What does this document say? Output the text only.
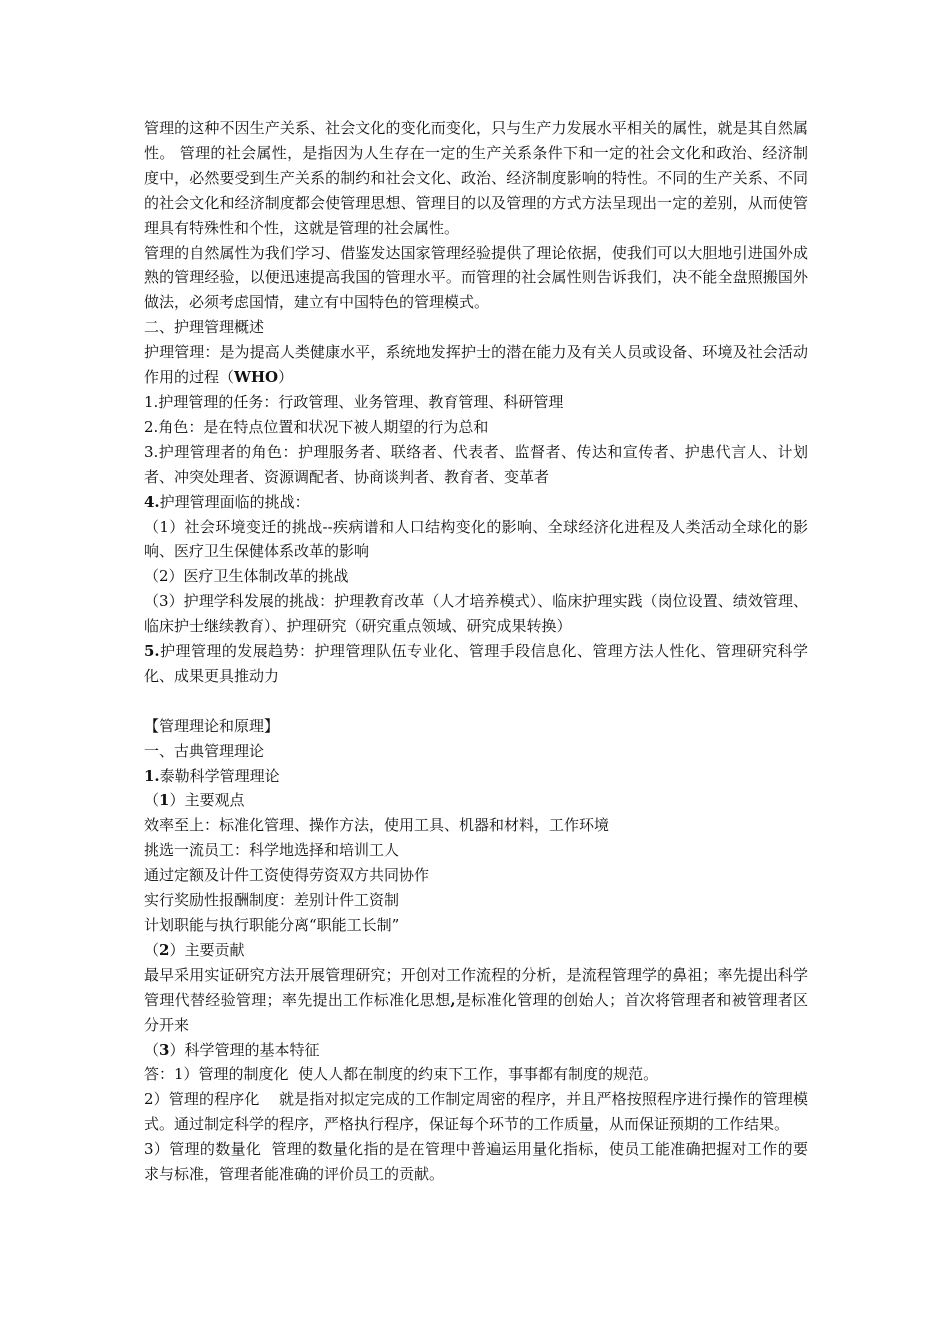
管理的这种不因生产关系、社会文化的变化而变化，只与生产力发展水平相关的属性，就是其自然属性。 管理的社会属性，是指因为人生存在一定的生产关系条件下和一定的社会文化和政治、经济制度中，必然要受到生产关系的制约和社会文化、政治、经济制度影响的特性。不同的生产关系、不同的社会文化和经济制度都会使管理思想、管理目的以及管理的方式方法呈现出一定的差别，从而使管理具有特殊性和个性，这就是管理的社会属性。

管理的自然属性为我们学习、借鉴发达国家管理经验提供了理论依据，使我们可以大胆地引进国外成熟的管理经验，以便迅速提高我国的管理水平。而管理的社会属性则告诉我们，决不能全盘照搬国外做法，必须考虑国情，建立有中国特色的管理模式。

二、护理管理概述

护理管理：是为提高人类健康水平，系统地发挥护士的潜在能力及有关人员或设备、环境及社会活动作用的过程（WHO）

1.护理管理的任务：行政管理、业务管理、教育管理、科研管理

2.角色：是在特点位置和状况下被人期望的行为总和

3.护理管理者的角色：护理服务者、联络者、代表者、监督者、传达和宣传者、护患代言人、计划者、冲突处理者、资源调配者、协商谈判者、教育者、变革者

4.护理管理面临的挑战：

（1）社会环境变迁的挑战--疾病谱和人口结构变化的影响、全球经济化进程及人类活动全球化的影响、医疗卫生保健体系改革的影响

（2）医疗卫生体制改革的挑战

（3）护理学科发展的挑战：护理教育改革（人才培养模式）、临床护理实践（岗位设置、绩效管理、临床护士继续教育）、护理研究（研究重点领域、研究成果转换）

5.护理管理的发展趋势：护理管理队伍专业化、管理手段信息化、管理方法人性化、管理研究科学化、成果更具推动力

【管理理论和原理】

一、古典管理理论

1.泰勒科学管理理论

（1）主要观点

效率至上：标准化管理、操作方法，使用工具、机器和材料，工作环境

挑选一流员工：科学地选择和培训工人

通过定额及计件工资使得劳资双方共同协作

实行奖励性报酬制度：差别计件工资制

计划职能与执行职能分离“职能工长制”

（2）主要贡献

最早采用实证研究方法开展管理研究；开创对工作流程的分析，是流程管理学的鼻祖；率先提出科学管理代替经验管理；率先提出工作标准化思想,是标准化管理的创始人；首次将管理者和被管理者区分开来

（3）科学管理的基本特征

答：1）管理的制度化  使人人都在制度的约束下工作，事事都有制度的规范。

2）管理的程序化    就是指对拟定完成的工作制定周密的程序，并且严格按照程序进行操作的管理模式。通过制定科学的程序，严格执行程序，保证每个环节的工作质量，从而保证预期的工作结果。

3）管理的数量化  管理的数量化指的是在管理中普遍运用量化指标，使员工能准确把握对工作的要求与标准，管理者能准确的评价员工的贡献。
